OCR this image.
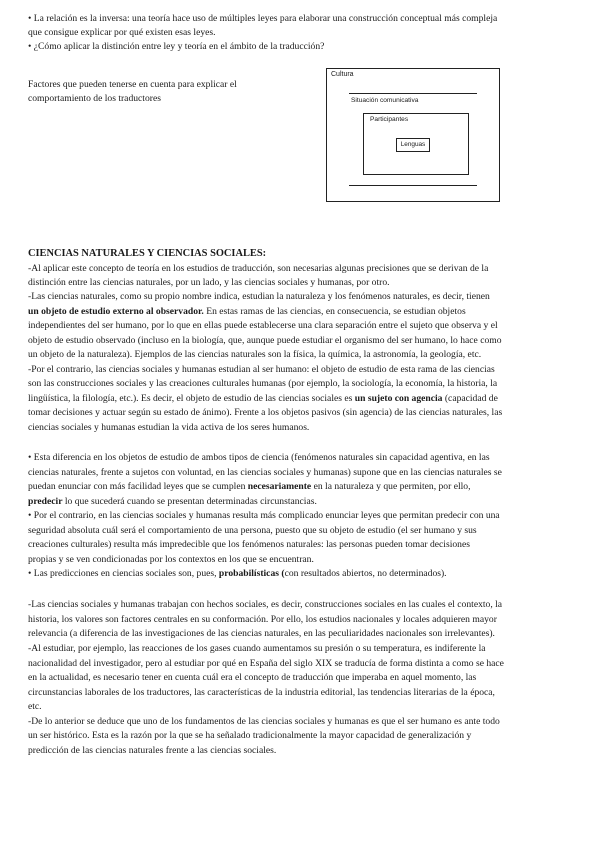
• La relación es la inversa: una teoría hace uso de múltiples leyes para elaborar una construcción conceptual más compleja

que consigue explicar por qué existen esas leyes.

• ¿Cómo aplicar la distinción entre ley y teoría en el ámbito de la traducción?

Factores que pueden tenerse en cuenta para explicar el
comportamiento de los traductores
Cultura
Situación comunicativa
Participantes
Lenguas
CIENCIAS NATURALES Y CIENCIAS SOCIALES:

-Al aplicar este concepto de teoría en los estudios de traducción, son necesarias algunas precisiones que se derivan de la

distinción entre las ciencias naturales, por un lado, y las ciencias sociales y humanas, por otro.

-Las ciencias naturales, como su propio nombre indica, estudian la naturaleza y los fenómenos naturales, es decir, tienen

un objeto de estudio externo al observador. En estas ramas de las ciencias, en consecuencia, se estudian objetos

independientes del ser humano, por lo que en ellas puede establecerse una clara separación entre el sujeto que observa y el

objeto de estudio observado (incluso en la biología, que, aunque puede estudiar el organismo del ser humano, lo hace como

un objeto de la naturaleza). Ejemplos de las ciencias naturales son la física, la química, la astronomía, la geología, etc.

-Por el contrario, las ciencias sociales y humanas estudian al ser humano: el objeto de estudio de esta rama de las ciencias

son las construcciones sociales y las creaciones culturales humanas (por ejemplo, la sociología, la economía, la historia, la

lingüística, la filología, etc.). Es decir, el objeto de estudio de las ciencias sociales es un sujeto con agencia (capacidad de

tomar decisiones y actuar según su estado de ánimo). Frente a los objetos pasivos (sin agencia) de las ciencias naturales, las

ciencias sociales y humanas estudian la vida activa de los seres humanos.

• Esta diferencia en los objetos de estudio de ambos tipos de ciencia (fenómenos naturales sin capacidad agentiva, en las

ciencias naturales, frente a sujetos con voluntad, en las ciencias sociales y humanas) supone que en las ciencias naturales se

puedan enunciar con más facilidad leyes que se cumplen necesariamente en la naturaleza y que permiten, por ello,

predecir lo que sucederá cuando se presentan determinadas circunstancias.

• Por el contrario, en las ciencias sociales y humanas resulta más complicado enunciar leyes que permitan predecir con una

seguridad absoluta cuál será el comportamiento de una persona, puesto que su objeto de estudio (el ser humano y sus

creaciones culturales) resulta más impredecible que los fenómenos naturales: las personas pueden tomar decisiones

propias y se ven condicionadas por los contextos en los que se encuentran.

• Las predicciones en ciencias sociales son, pues, probabilísticas (con resultados abiertos, no determinados).

-Las ciencias sociales y humanas trabajan con hechos sociales, es decir, construcciones sociales en las cuales el contexto, la

historia, los valores son factores centrales en su conformación. Por ello, los estudios nacionales y locales adquieren mayor

relevancia (a diferencia de las investigaciones de las ciencias naturales, en las peculiaridades nacionales son irrelevantes).

-Al estudiar, por ejemplo, las reacciones de los gases cuando aumentamos su presión o su temperatura, es indiferente la

nacionalidad del investigador, pero al estudiar por qué en España del siglo XIX se traducía de forma distinta a como se hace

en la actualidad, es necesario tener en cuenta cuál era el concepto de traducción que imperaba en aquel momento, las

circunstancias laborales de los traductores, las características de la industria editorial, las tendencias literarias de la época,

etc.

-De lo anterior se deduce que uno de los fundamentos de las ciencias sociales y humanas es que el ser humano es ante todo

un ser histórico. Esta es la razón por la que se ha señalado tradicionalmente la mayor capacidad de generalización y

predicción de las ciencias naturales frente a las ciencias sociales.
